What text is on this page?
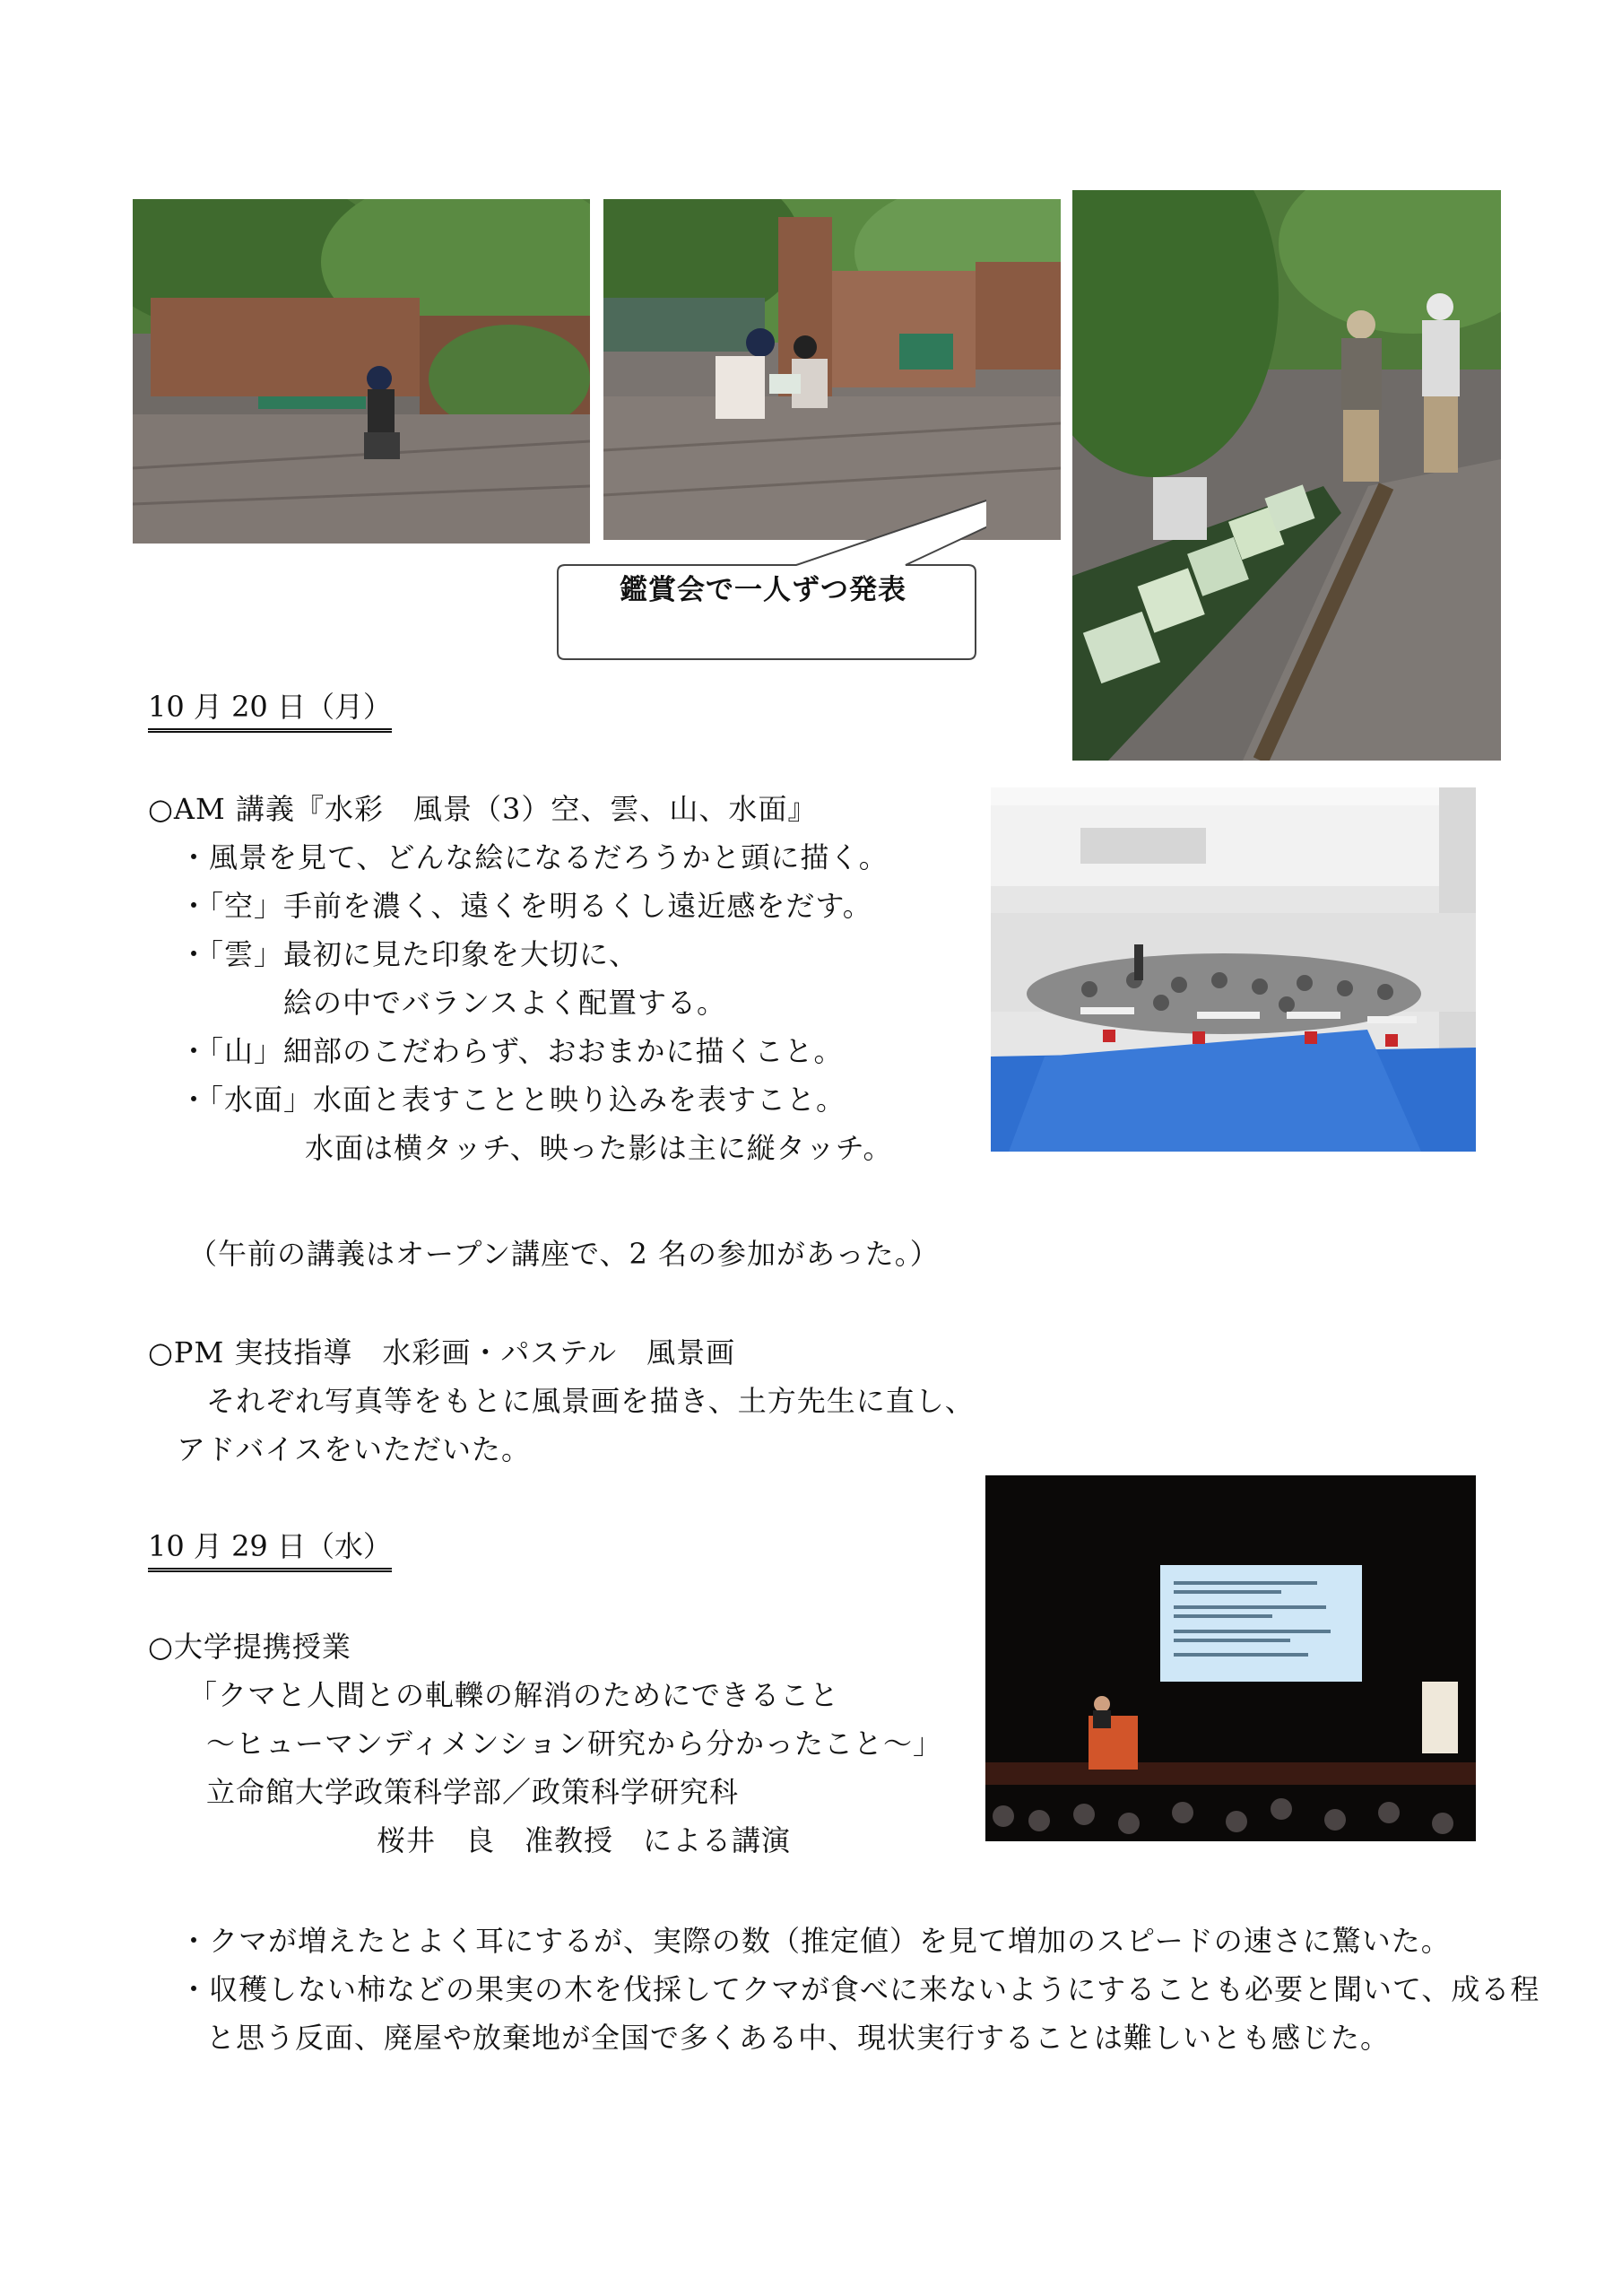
鑑賞会で一人ずつ発表
10 月 20 日（月）
○AM 講義『水彩　風景（3）空、雲、山、水面』
・風景を見て、どんな絵になるだろうかと頭に描く。
・「空」手前を濃く、遠くを明るくし遠近感をだす。
・「雲」最初に見た印象を大切に、
絵の中でバランスよく配置する。
・「山」細部のこだわらず、おおまかに描くこと。
・「水面」水面と表すことと映り込みを表すこと。
水面は横タッチ、映った影は主に縦タッチ。
（午前の講義はオープン講座で、2 名の参加があった。）
○PM 実技指導　水彩画・パステル　風景画
それぞれ写真等をもとに風景画を描き、土方先生に直し、
アドバイスをいただいた。
10 月 29 日（水）
○大学提携授業
「クマと人間との軋轢の解消のためにできること
～ヒューマンディメンション研究から分かったこと～」
立命館大学政策科学部／政策科学研究科
桜井　良　准教授　による講演
・クマが増えたとよく耳にするが、実際の数（推定値）を見て増加のスピードの速さに驚いた。
・収穫しない柿などの果実の木を伐採してクマが食べに来ないようにすることも必要と聞いて、成る程
と思う反面、廃屋や放棄地が全国で多くある中、現状実行することは難しいとも感じた。
